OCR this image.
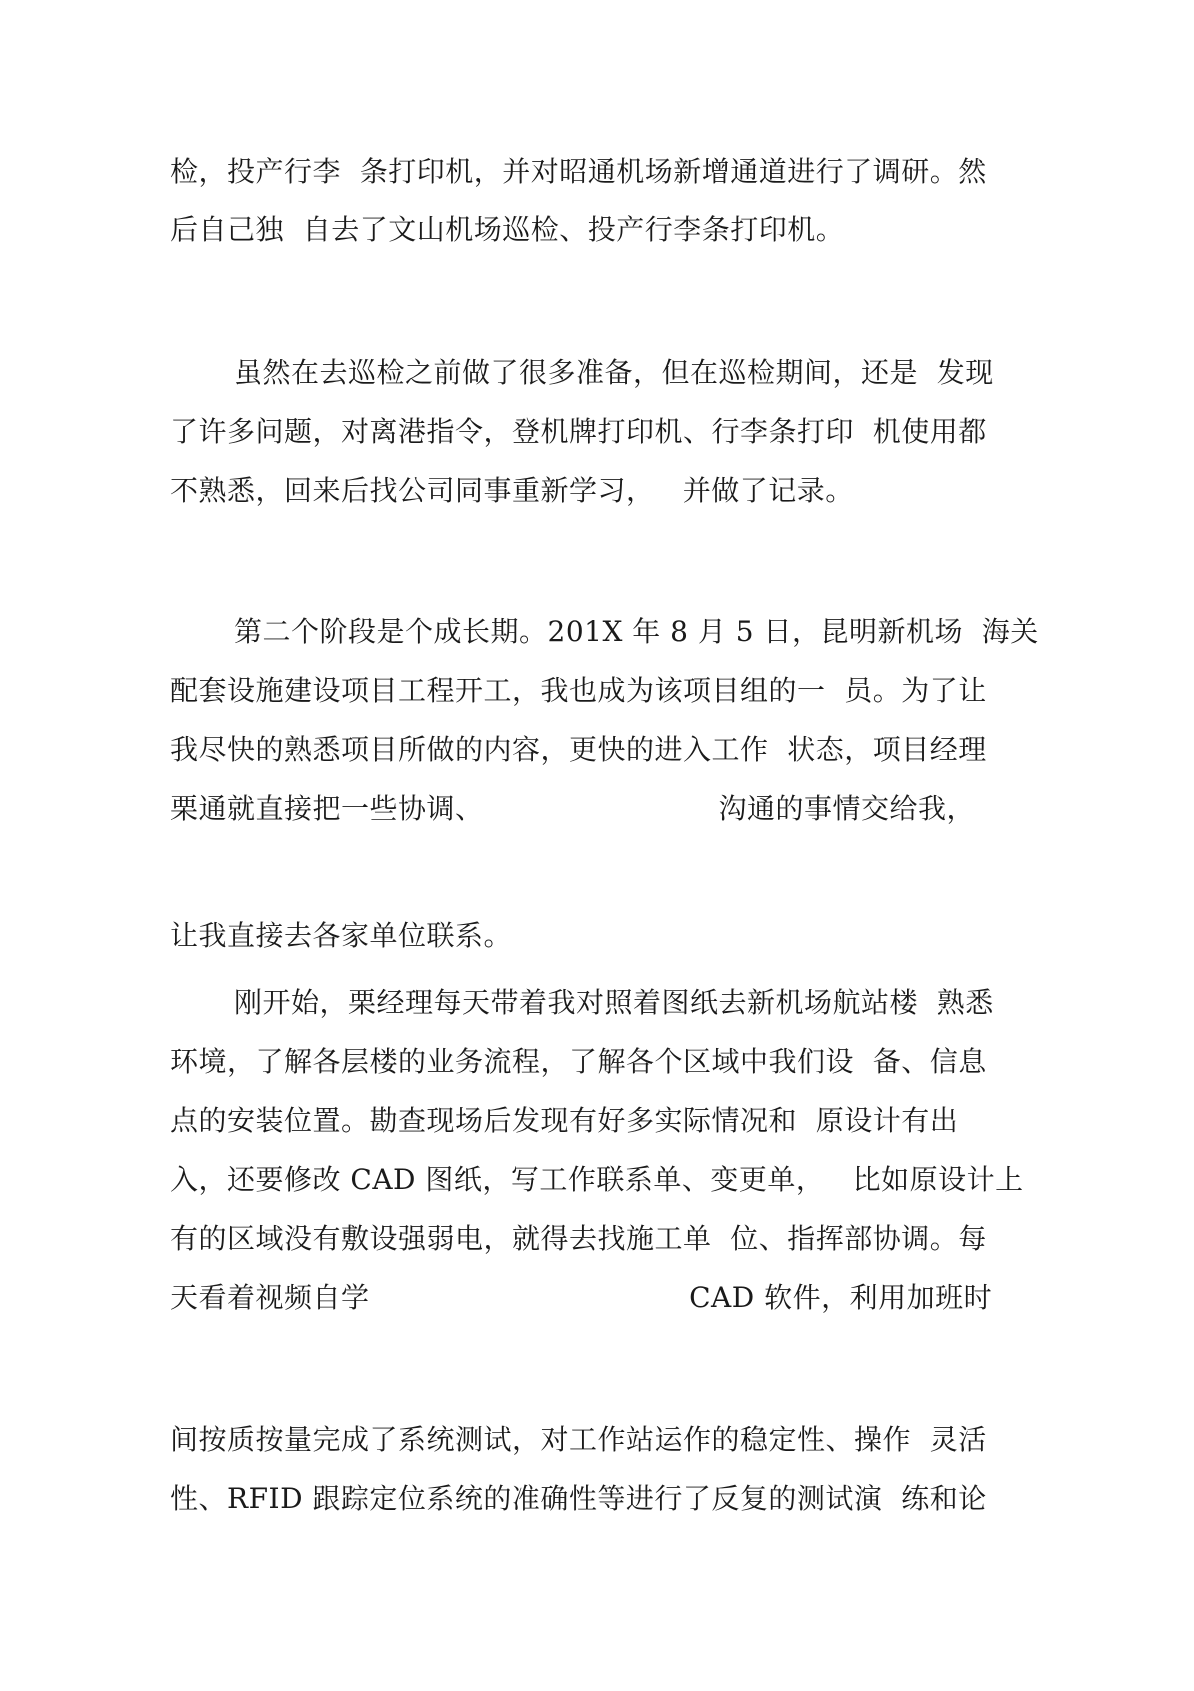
检，投产行李  条打印机，并对昭通机场新增通道进行了调研。然
后自己独  自去了文山机场巡检、投产行李条打印机。
虽然在去巡检之前做了很多准备，但在巡检期间，还是  发现
了许多问题，对离港指令，登机牌打印机、行李条打印  机使用都
不熟悉，回来后找公司同事重新学习，   并做了记录。
第二个阶段是个成长期。201X 年 8 月 5 日，昆明新机场  海关
配套设施建设项目工程开工，我也成为该项目组的一  员。为了让
我尽快的熟悉项目所做的内容，更快的进入工作  状态，项目经理
栗通就直接把一些协调、                         沟通的事情交给我，
让我直接去各家单位联系。
刚开始，栗经理每天带着我对照着图纸去新机场航站楼  熟悉
环境，了解各层楼的业务流程，了解各个区域中我们设  备、信息
点的安装位置。勘查现场后发现有好多实际情况和  原设计有出
入，还要修改 CAD 图纸，写工作联系单、变更单，   比如原设计上
有的区域没有敷设强弱电，就得去找施工单  位、指挥部协调。每
天看着视频自学                                  CAD 软件，利用加班时
间按质按量完成了系统测试，对工作站运作的稳定性、操作  灵活
性、RFID 跟踪定位系统的准确性等进行了反复的测试演  练和论
